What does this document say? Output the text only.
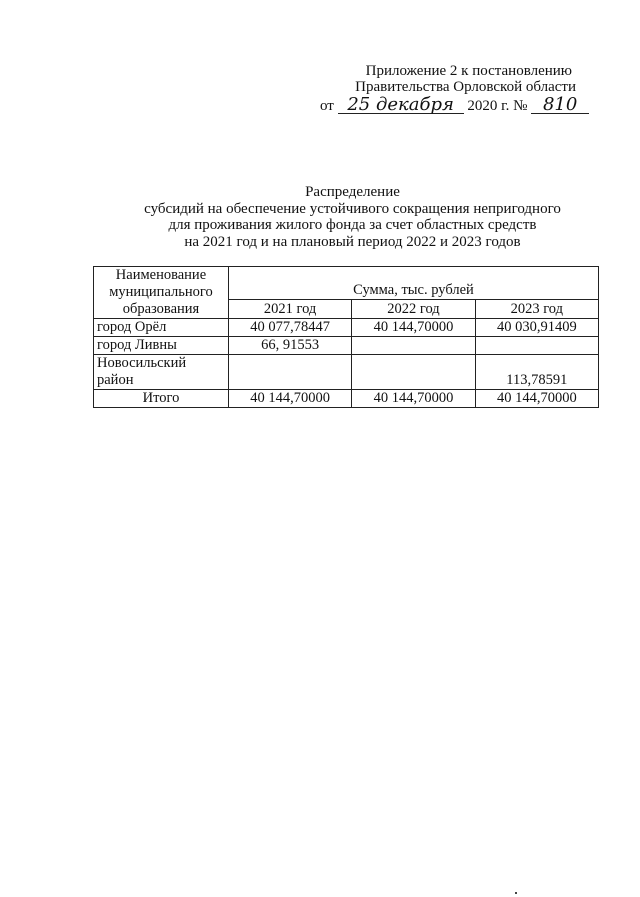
Приложение 2 к постановлению
Правительства Орловской области
от 25 декабря 2020 г. № 810
Распределение
субсидий на обеспечение устойчивого сокращения непригодного
для проживания жилого фонда за счет областных средств
на 2021 год и на плановый период 2022 и 2023 годов
Наименование муниципального образования	Сумма, тыс. рублей		
	2021 год	2022 год	2023 год
город Орёл	40 077,78447	40 144,70000	40 030,91409
город Ливны	66, 91553		
Новосильский район			113,78591
Итого	40 144,70000	40 144,70000	40 144,70000
